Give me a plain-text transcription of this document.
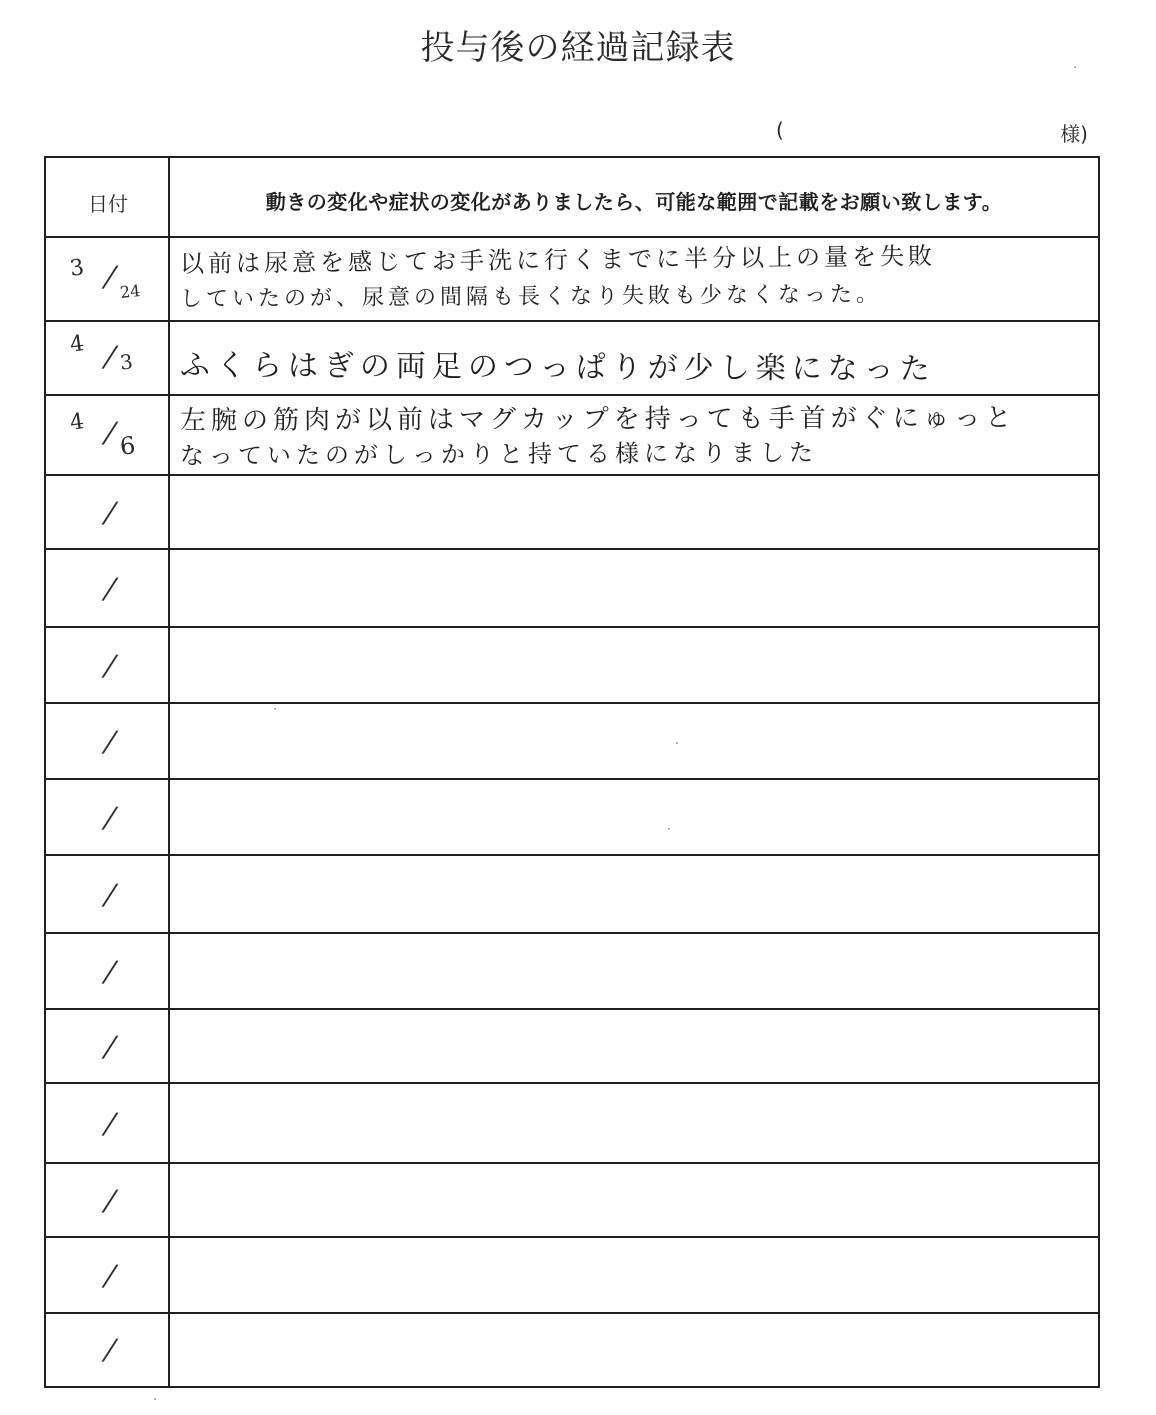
投与後の経過記録表
(	様)
日付	動きの変化や症状の変化がありましたら、可能な範囲で記載をお願い致します。
3 /
24
以前は尿意を感じてお手洗に行くまでに半分以上の量を失敗
していたのが、尿意の間隔も長くなり失敗も少なくなった。
4 /
3 ふくらはぎの両足のつっぱりが少し楽になった
4 /
6
左腕の筋肉が以前はマグカップを持っても手首がぐにゅっと
なっていたのがしっかりと持てる様になりました
/
/
/
/
/
/
/
/
/
/
/
/
